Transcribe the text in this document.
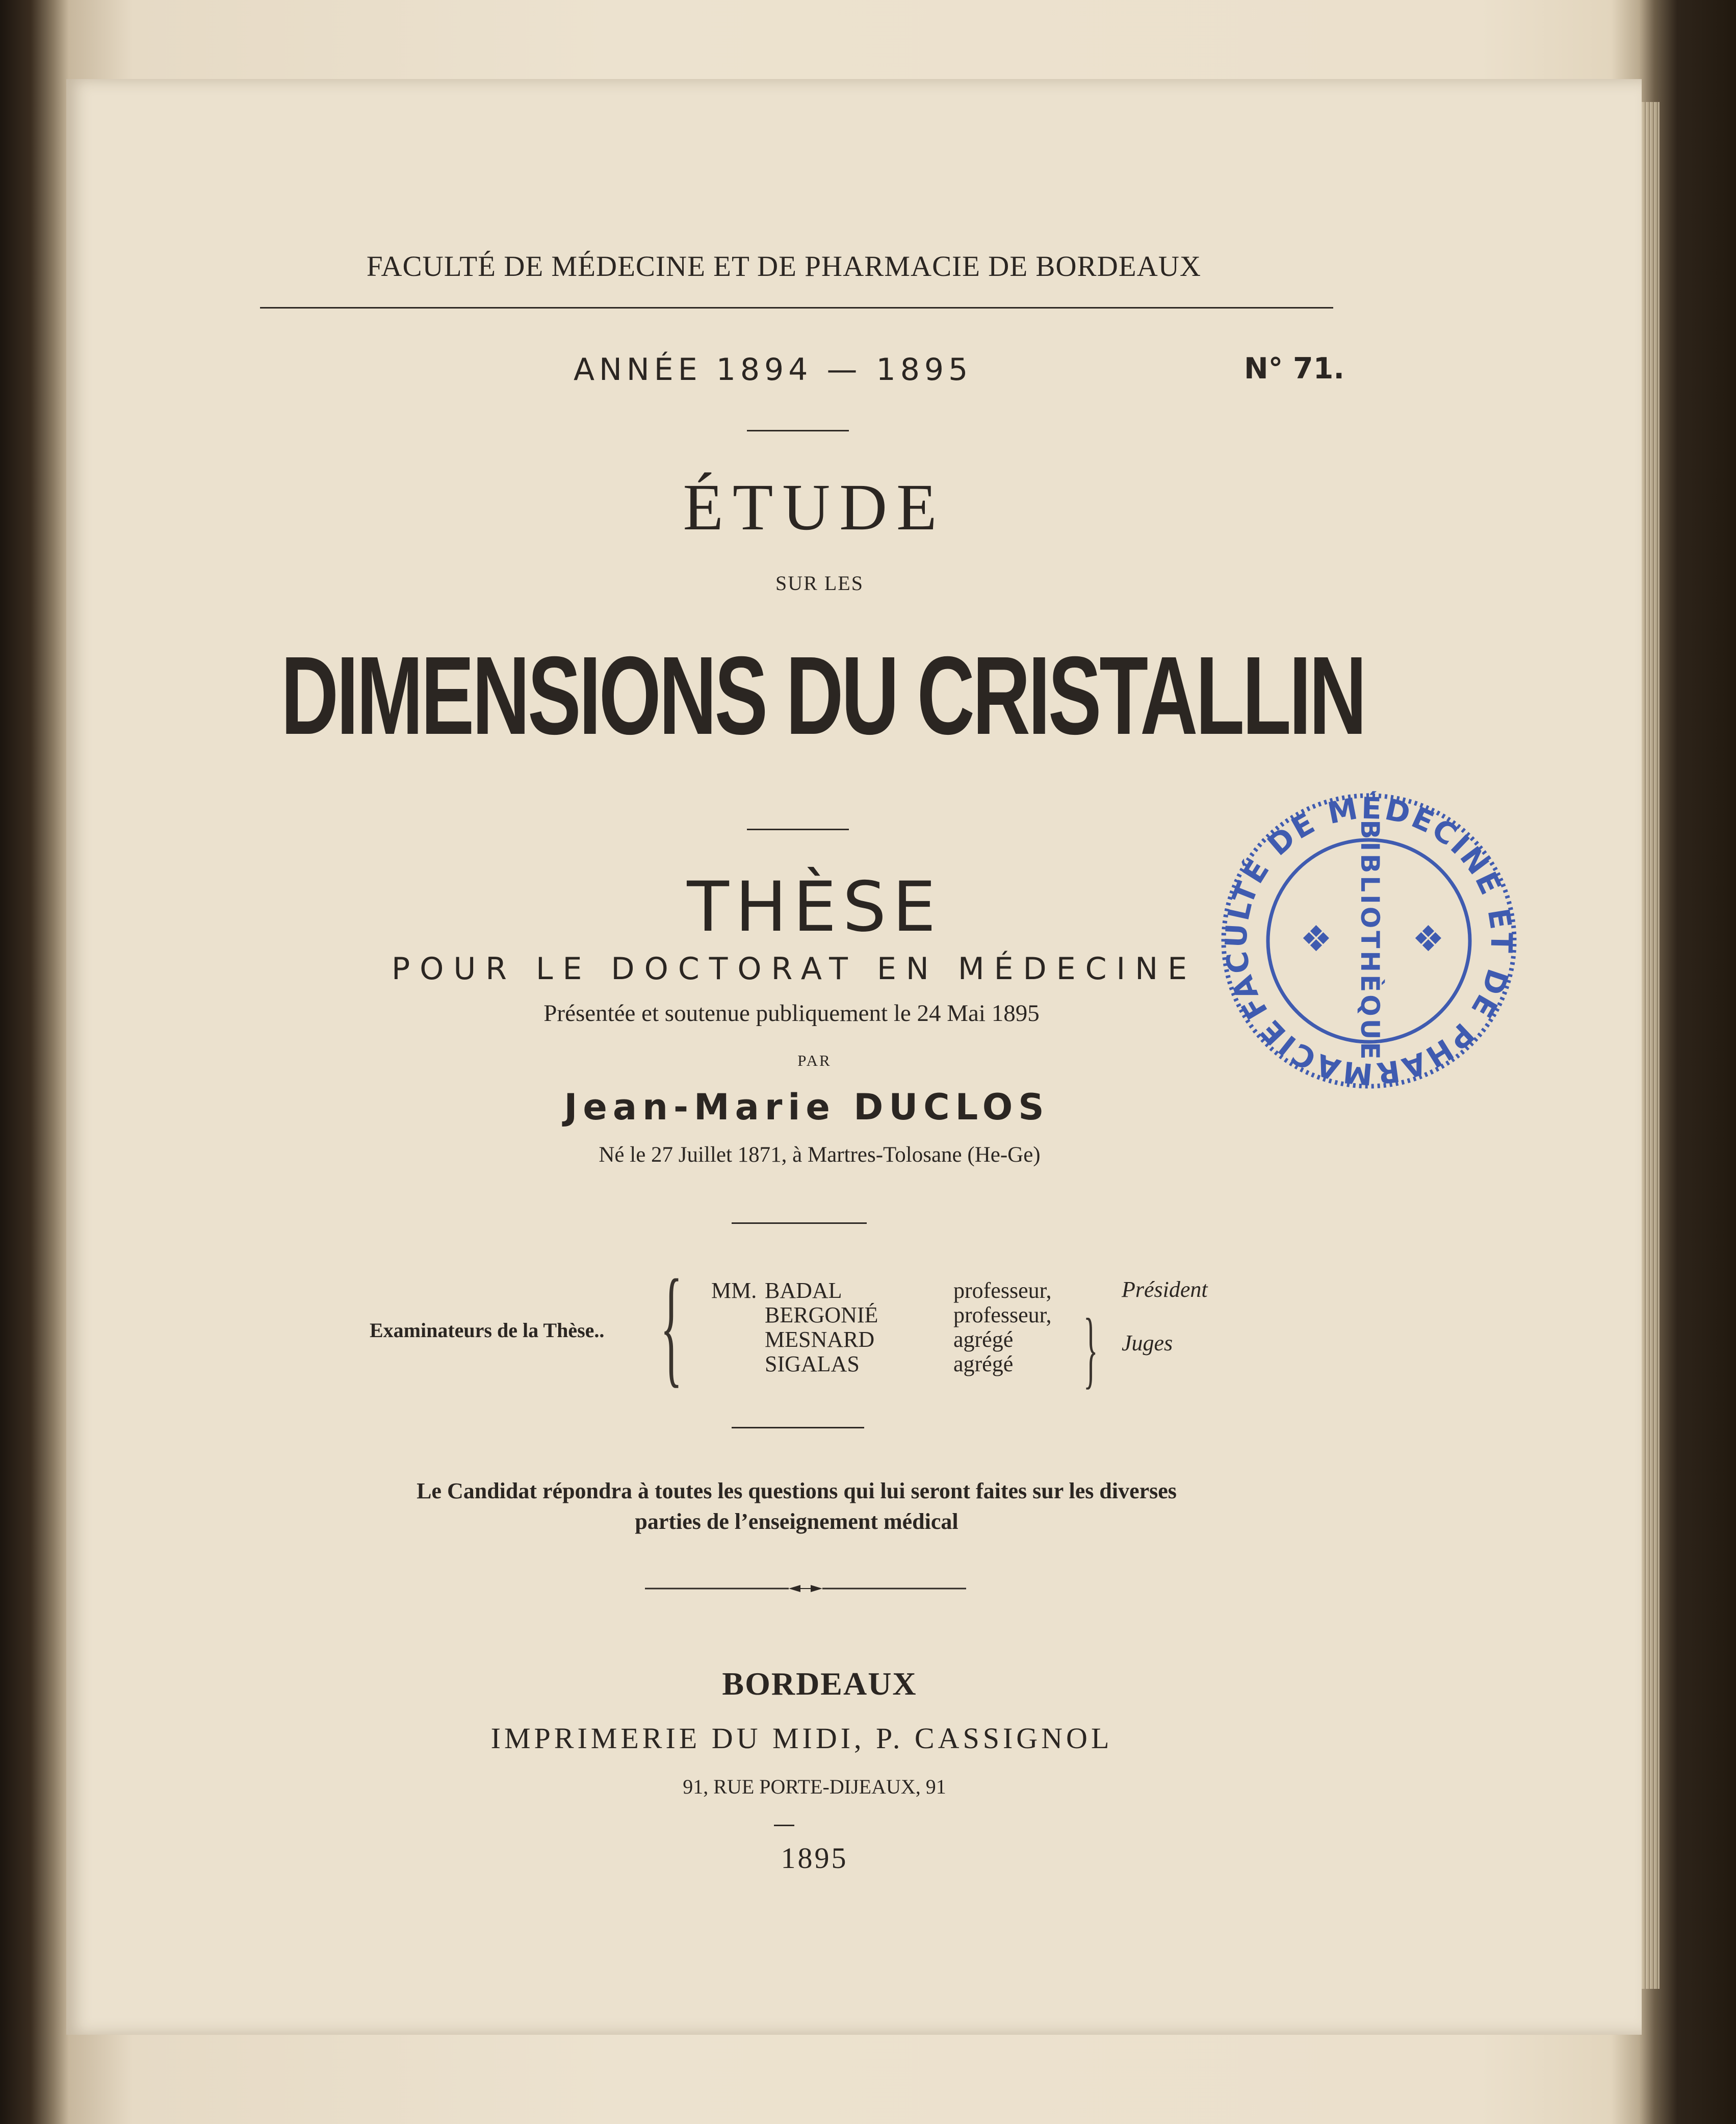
FACULTÉ DE MÉDECINE ET DE PHARMACIE DE BORDEAUX
ANNÉE 1894 — 1895	N° 71.
ÉTUDE
SUR LES
DIMENSIONS DU CRISTALLIN
THÈSE
POUR LE DOCTORAT EN MÉDECINE
Présentée et soutenue publiquement le 24 Mai 1895
PAR
Jean-Marie DUCLOS
Né le 27 Juillet 1871, à Martres-Tolosane (He-Ge)
Examinateurs de la Thèse.. { MM. BADAL
BERGONIÉ
MESNARD
SIGALAS
professeur,
professeur,
agrégé
agrégé
Président
} Juges
Le Candidat répondra à toutes les questions qui lui seront faites sur les diverses
parties de l’enseignement médical
BORDEAUX
IMPRIMERIE DU MIDI, P. CASSIGNOL
91, RUE PORTE-DIJEAUX, 91
1895
FACULTÉ DE MÉDECINE ET DE PHARMACIE	BIBLIOTHÈQUE
❖ ❖
